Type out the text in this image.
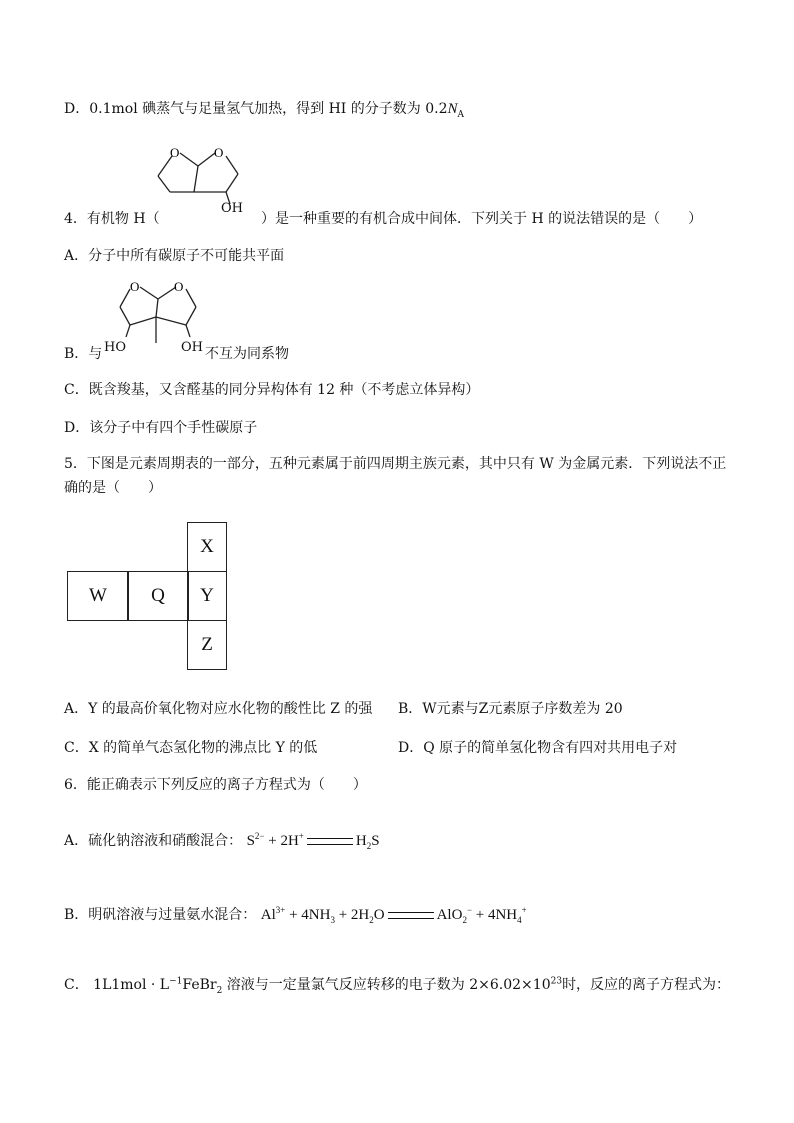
D．0.1mol 碘蒸气与足量氢气加热，得到 HI 的分子数为 $0.2N_A$
O	O
OH
4．有机物 H（	）是一种重要的有机合成中间体．下列关于 H 的说法错误的是（　　）
A．分子中所有碳原子不可能共平面
O	O
B．与 HO	OH 不互为同系物
C．既含羧基，又含醛基的同分异构体有 12 种（不考虑立体异构）
D．该分子中有四个手性碳原子
5．下图是元素周期表的一部分，五种元素属于前四周期主族元素，其中只有 W 为金属元素．下列说法不正确的是（　　）
X
W	Q	Y
Z
A．Y 的最高价氧化物对应水化物的酸性比 Z 的强 B．W元素与Z元素原子序数差为 20
C．X 的简单气态氢化物的沸点比 Y 的低	D．Q 原子的简单氢化物含有四对共用电子对
6．能正确表示下列反应的离子方程式为（　　）
A．硫化钠溶液和硝酸混合： $S^{2-} + 2H^+$	$H_2S$
B．明矾溶液与过量氨水混合： $Al^{3+} + 4NH_3 + 2H_2O$	$AlO_2^- + 4NH_4^+$
C． $1L1mol \cdot L^{-1}FeBr_2$ 溶液与一定量氯气反应转移的电子数为 $2\times 6.02\times 10^{23}$时，反应的离子方程式为：
